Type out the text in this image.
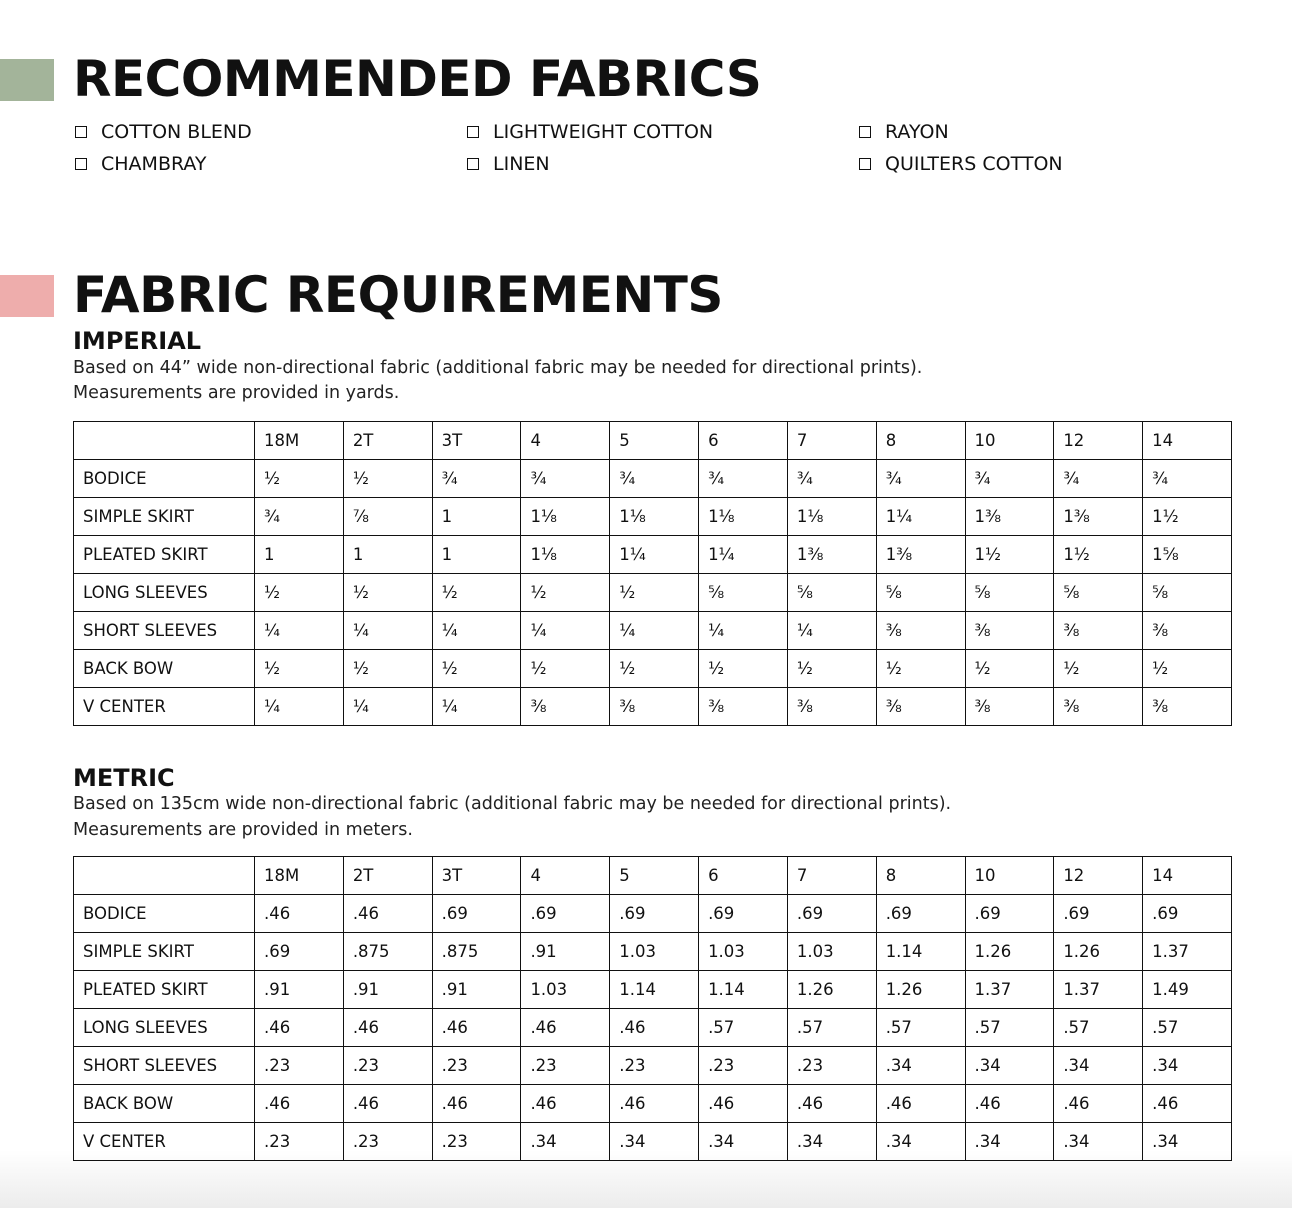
RECOMMENDED FABRICS
COTTON BLEND	LIGHTWEIGHT COTTON	RAYON
CHAMBRAY	LINEN	QUILTERS COTTON
FABRIC REQUIREMENTS
IMPERIAL

Based on 44” wide non-directional fabric (additional fabric may be needed for directional prints).

Measurements are provided in yards.

	18M	2T	3T	4	5	6	7	8	10	12	14
BODICE	½	½	¾	¾	¾	¾	¾	¾	¾	¾	¾
SIMPLE SKIRT	¾	⅞	1	1⅛	1⅛	1⅛	1⅛	1¼	1⅜	1⅜	1½
PLEATED SKIRT	1	1	1	1⅛	1¼	1¼	1⅜	1⅜	1½	1½	1⅝
LONG SLEEVES	½	½	½	½	½	⅝	⅝	⅝	⅝	⅝	⅝
SHORT SLEEVES	¼	¼	¼	¼	¼	¼	¼	⅜	⅜	⅜	⅜
BACK BOW	½	½	½	½	½	½	½	½	½	½	½
V CENTER	¼	¼	¼	⅜	⅜	⅜	⅜	⅜	⅜	⅜	⅜
METRIC

Based on 135cm wide non-directional fabric (additional fabric may be needed for directional prints).

Measurements are provided in meters.

	18M	2T	3T	4	5	6	7	8	10	12	14
BODICE	.46	.46	.69	.69	.69	.69	.69	.69	.69	.69	.69
SIMPLE SKIRT	.69	.875	.875	.91	1.03	1.03	1.03	1.14	1.26	1.26	1.37
PLEATED SKIRT	.91	.91	.91	1.03	1.14	1.14	1.26	1.26	1.37	1.37	1.49
LONG SLEEVES	.46	.46	.46	.46	.46	.57	.57	.57	.57	.57	.57
SHORT SLEEVES	.23	.23	.23	.23	.23	.23	.23	.34	.34	.34	.34
BACK BOW	.46	.46	.46	.46	.46	.46	.46	.46	.46	.46	.46
V CENTER	.23	.23	.23	.34	.34	.34	.34	.34	.34	.34	.34
